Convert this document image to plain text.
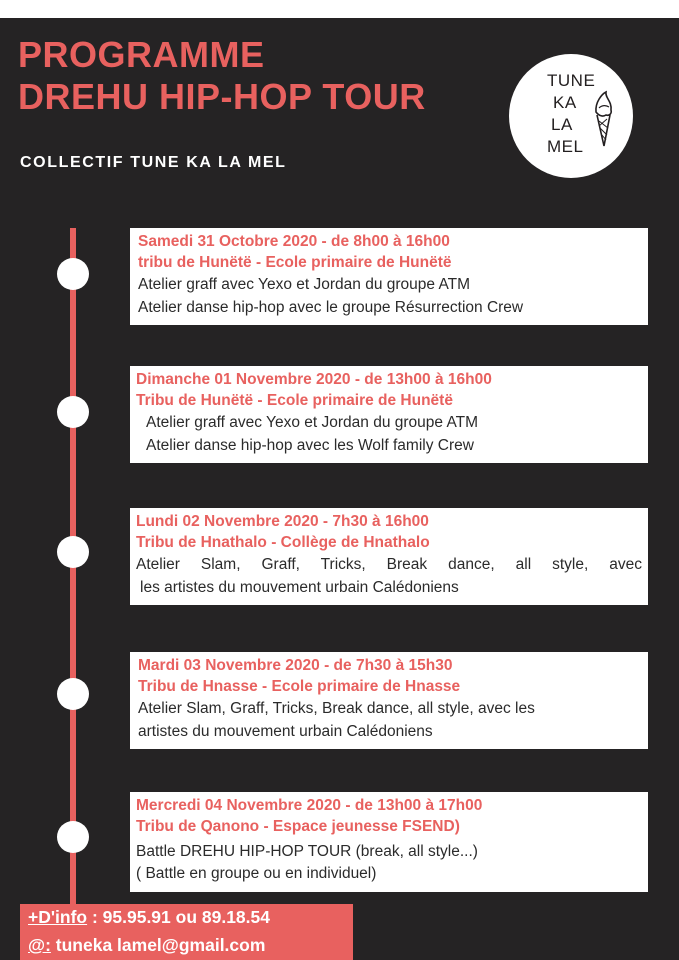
PROGRAMME
DREHU HIP-HOP TOUR
COLLECTIF TUNE KA LA MEL
TUNE
KA
LA
MEL
Samedi 31 Octobre 2020 - de 8h00 à 16h00
tribu de Hunëtë - Ecole primaire de Hunëtë
Atelier graff avec Yexo et Jordan du groupe ATM
Atelier danse hip-hop avec le groupe Résurrection Crew
Dimanche 01 Novembre 2020 - de 13h00 à 16h00
Tribu de Hunëtë - Ecole primaire de Hunëtë
Atelier graff avec Yexo et Jordan du groupe ATM
Atelier danse hip-hop avec les Wolf family Crew
Lundi 02 Novembre 2020 - 7h30 à 16h00
Tribu de Hnathalo - Collège de Hnathalo
Atelier Slam, Graff, Tricks, Break dance, all style, avec
les artistes du mouvement urbain Calédoniens
Mardi 03 Novembre 2020 - de 7h30 à 15h30
Tribu de Hnasse - Ecole primaire de Hnasse
Atelier Slam, Graff, Tricks, Break dance, all style, avec les
artistes du mouvement urbain Calédoniens
Mercredi 04 Novembre 2020 - de 13h00 à 17h00
Tribu de Qanono - Espace jeunesse FSEND)
Battle DREHU HIP-HOP TOUR (break, all style...)
( Battle en groupe ou en individuel)
+D'info : 95.95.91 ou 89.18.54
@: tuneka lamel@gmail.com
